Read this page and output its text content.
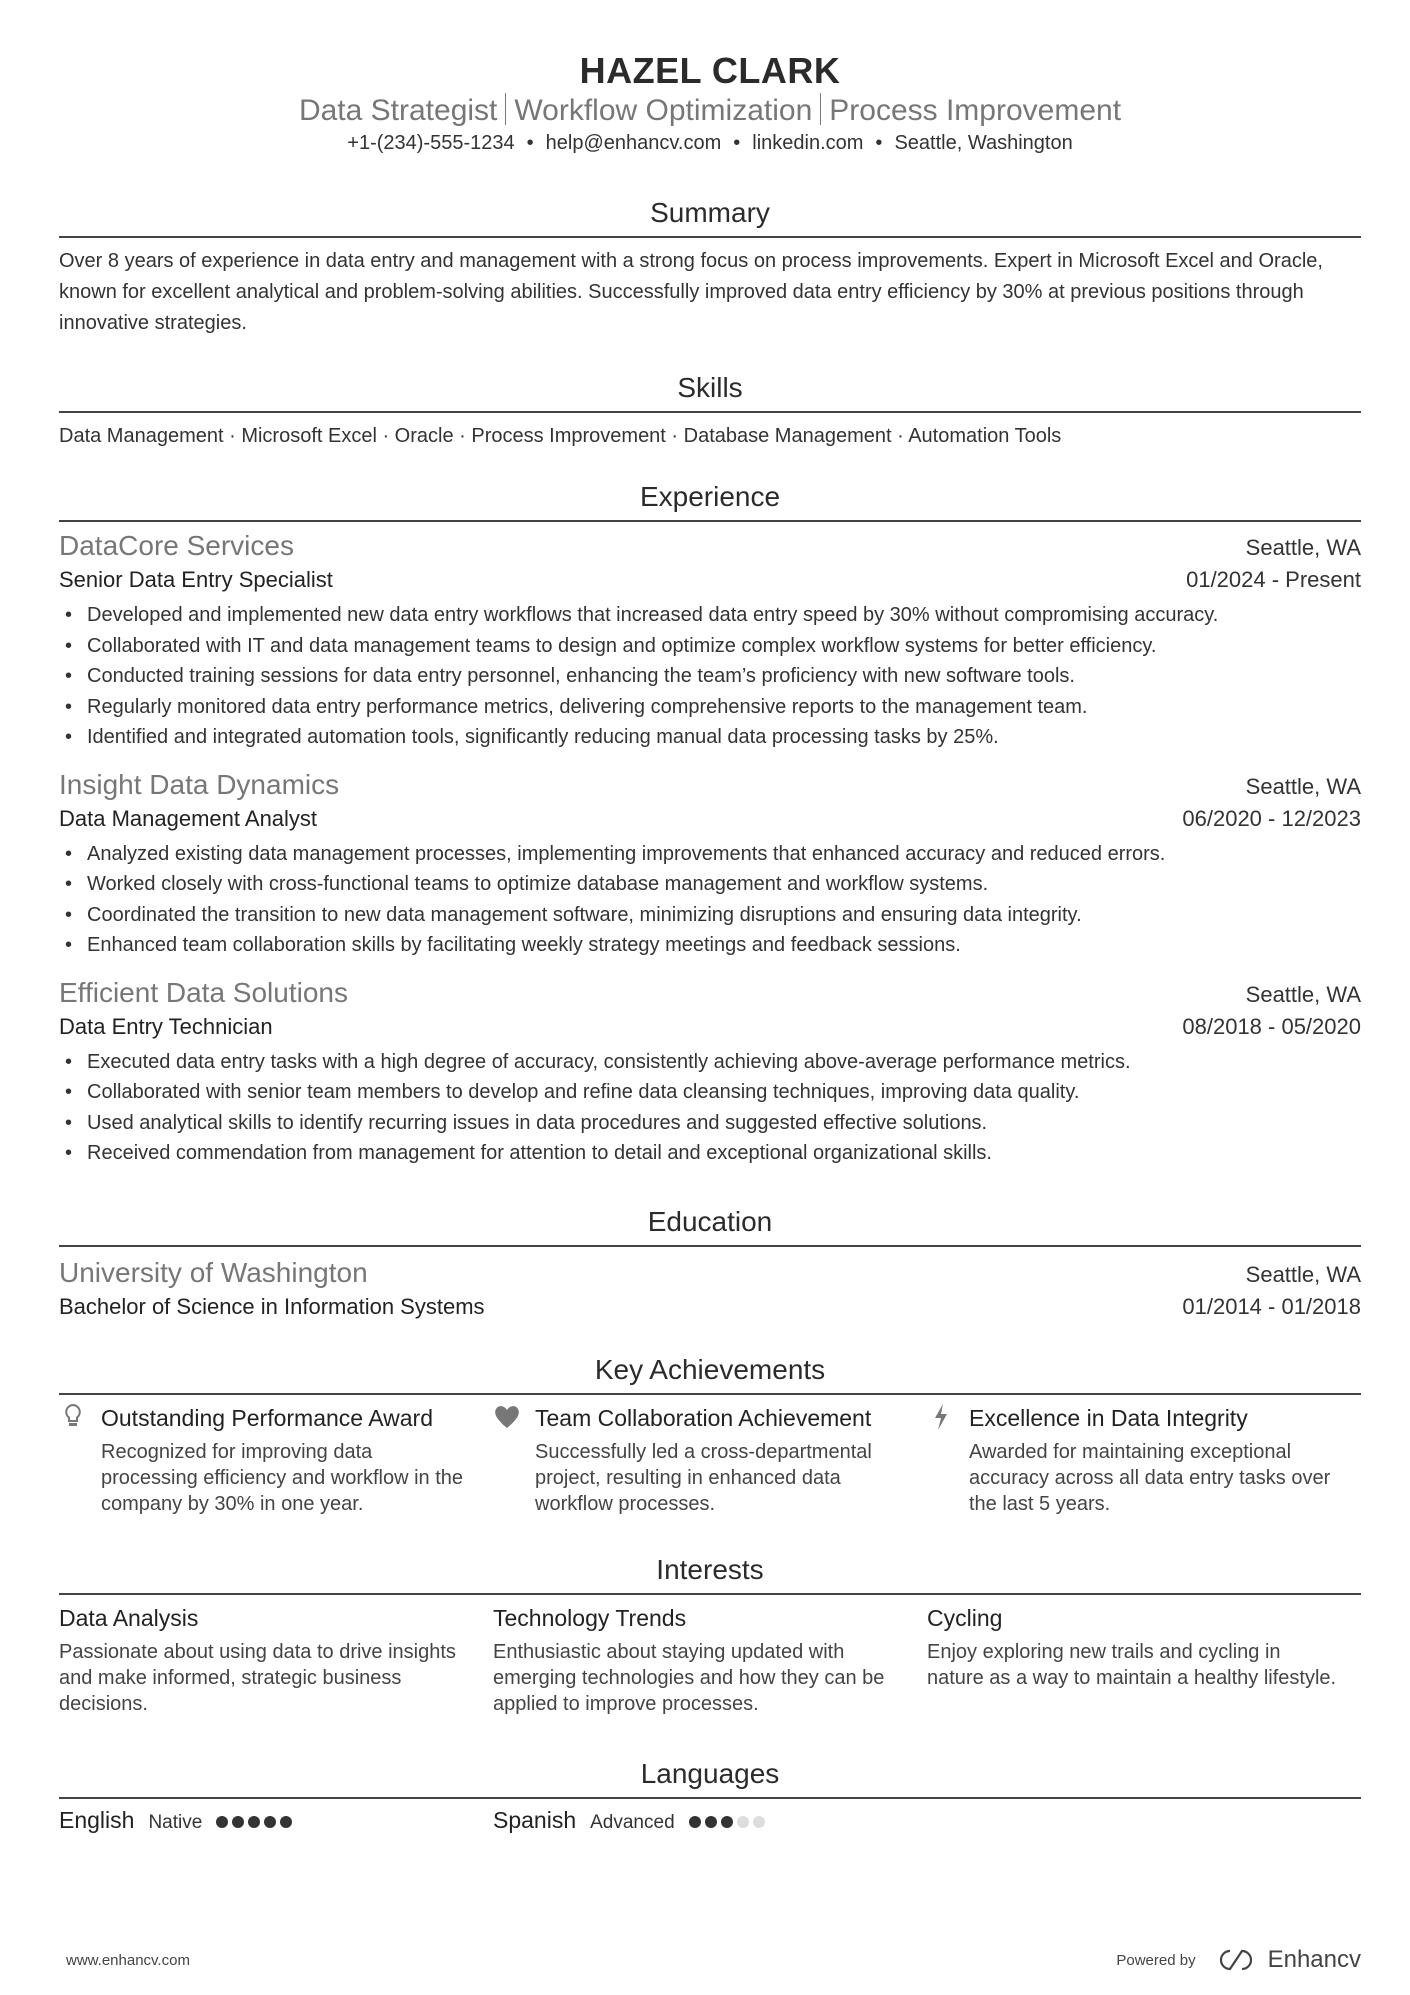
HAZEL CLARK
Data Strategist Workflow Optimization Process Improvement
+1-(234)-555-1234 • help@enhancv.com • linkedin.com • Seattle, Washington
Summary
Over 8 years of experience in data entry and management with a strong focus on process improvements. Expert in Microsoft Excel and Oracle, known for excellent analytical and problem-solving abilities. Successfully improved data entry efficiency by 30% at previous positions through innovative strategies.
Skills
Data Management · Microsoft Excel · Oracle · Process Improvement · Database Management · Automation Tools
Experience
DataCore Services	Seattle, WA
Senior Data Entry Specialist	01/2024 - Present
• Developed and implemented new data entry workflows that increased data entry speed by 30% without compromising accuracy.
• Collaborated with IT and data management teams to design and optimize complex workflow systems for better efficiency.
• Conducted training sessions for data entry personnel, enhancing the team’s proficiency with new software tools.
• Regularly monitored data entry performance metrics, delivering comprehensive reports to the management team.
• Identified and integrated automation tools, significantly reducing manual data processing tasks by 25%.
Insight Data Dynamics	Seattle, WA
Data Management Analyst	06/2020 - 12/2023
• Analyzed existing data management processes, implementing improvements that enhanced accuracy and reduced errors.
• Worked closely with cross-functional teams to optimize database management and workflow systems.
• Coordinated the transition to new data management software, minimizing disruptions and ensuring data integrity.
• Enhanced team collaboration skills by facilitating weekly strategy meetings and feedback sessions.
Efficient Data Solutions	Seattle, WA
Data Entry Technician	08/2018 - 05/2020
• Executed data entry tasks with a high degree of accuracy, consistently achieving above-average performance metrics.
• Collaborated with senior team members to develop and refine data cleansing techniques, improving data quality.
• Used analytical skills to identify recurring issues in data procedures and suggested effective solutions.
• Received commendation from management for attention to detail and exceptional organizational skills.
Education
University of Washington	Seattle, WA
Bachelor of Science in Information Systems	01/2014 - 01/2018
Key Achievements
Outstanding Performance Award
Recognized for improving data processing efficiency and workflow in the company by 30% in one year.
Team Collaboration Achievement
Successfully led a cross-departmental project, resulting in enhanced data workflow processes.
Excellence in Data Integrity
Awarded for maintaining exceptional accuracy across all data entry tasks over the last 5 years.
Interests
Data Analysis
Passionate about using data to drive insights and make informed, strategic business decisions.
Technology Trends
Enthusiastic about staying updated with emerging technologies and how they can be applied to improve processes.
Cycling
Enjoy exploring new trails and cycling in nature as a way to maintain a healthy lifestyle.
Languages
English Native	Spanish Advanced
www.enhancv.com	Powered by	Enhancv
